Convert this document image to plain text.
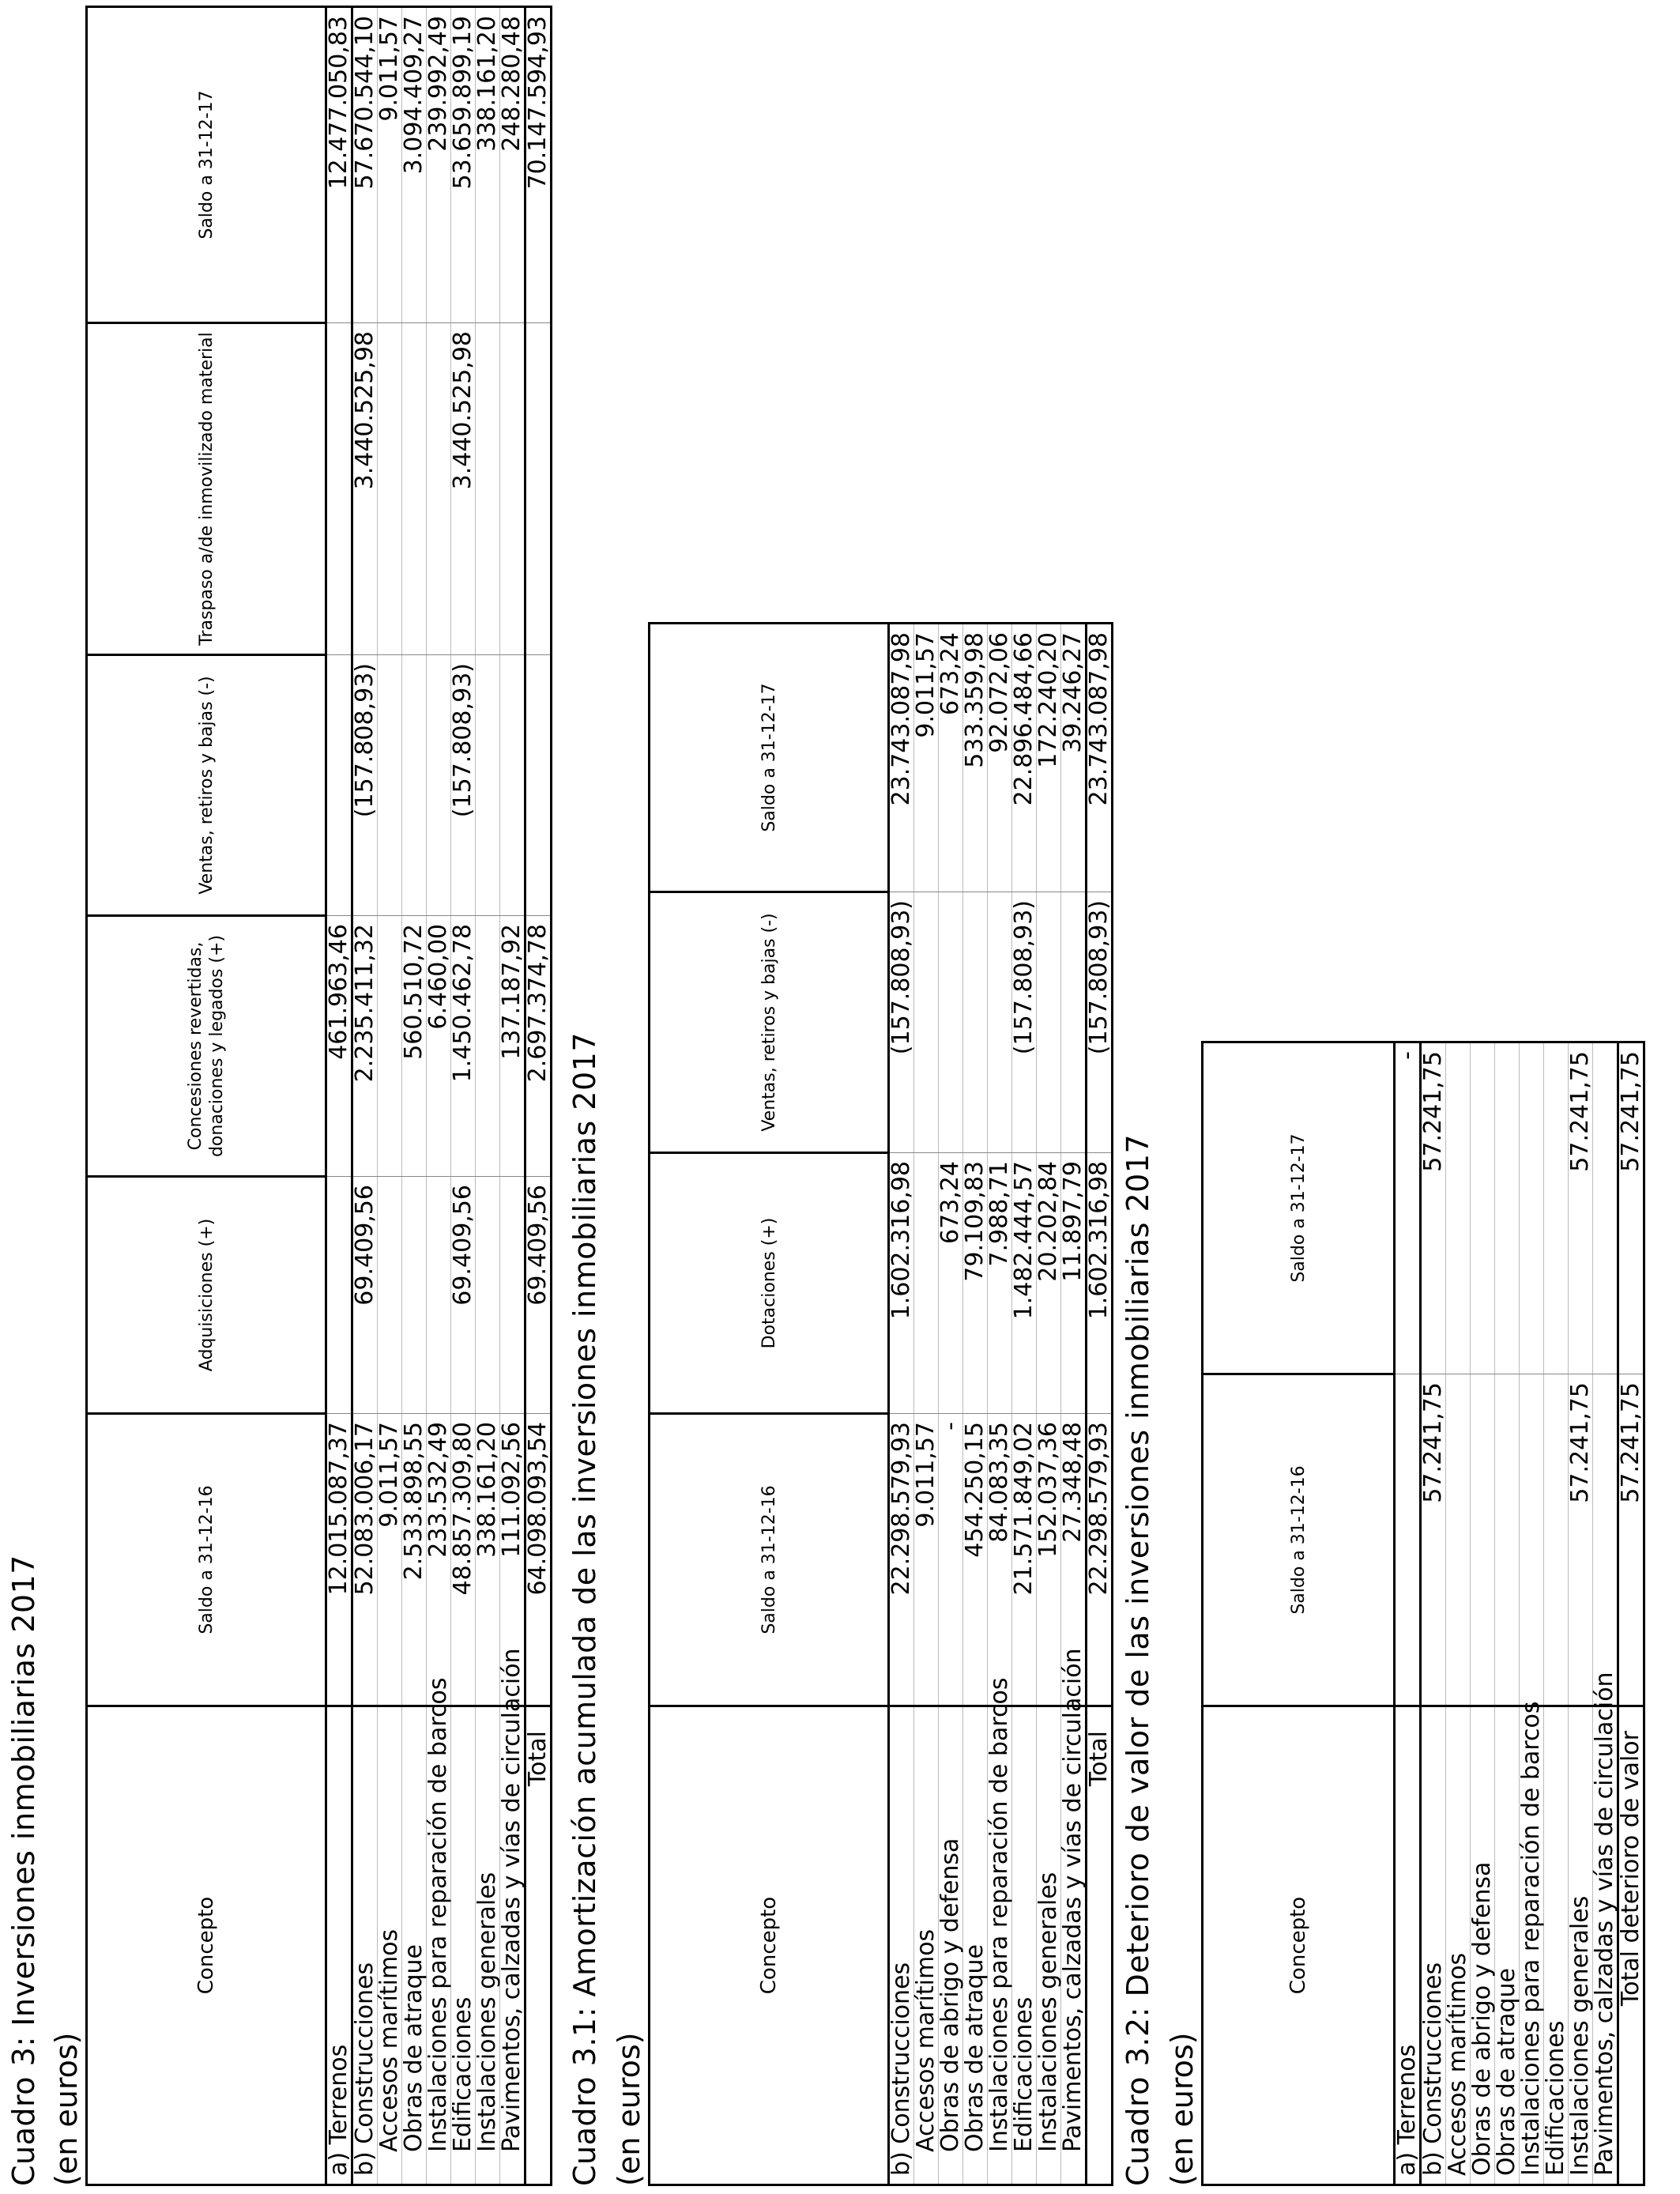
Cuadro 3: Inversiones inmobiliarias 2017 (en euros)
Concepto	Saldo a 31-12-16	Adquisiciones (+)	Concesiones revertidas, donaciones y legados (+)	Ventas, retiros y bajas (-)	Traspaso a/de inmovilizado material	Saldo a 31-12-17
a) Terrenos	12.015.087,37		461.963,46			12.477.050,83
b) Construcciones	52.083.006,17	69.409,56	2.235.411,32	(157.808,93)	3.440.525,98	57.670.544,10
Accesos marítimos	9.011,57					9.011,57
Obras de atraque	2.533.898,55		560.510,72			3.094.409,27
Instalaciones para reparación de barcos	233.532,49		6.460,00			239.992,49
Edificaciones	48.857.309,80	69.409,56	1.450.462,78	(157.808,93)	3.440.525,98	53.659.899,19
Instalaciones generales	338.161,20					338.161,20
Pavimentos, calzadas y vías de circulación	111.092,56		137.187,92			248.280,48
Total	64.098.093,54	69.409,56	2.697.374,78			70.147.594,93
Cuadro 3.1: Amortización acumulada de las inversiones inmobiliarias 2017 (en euros)
Concepto	Saldo a 31-12-16	Dotaciones (+)	Ventas, retiros y bajas (-)	Saldo a 31-12-17
b) Construcciones	22.298.579,93	1.602.316,98	(157.808,93)	23.743.087,98
Accesos marítimos	9.011,57			9.011,57
Obras de abrigo y defensa	-	673,24		673,24
Obras de atraque	454.250,15	79.109,83		533.359,98
Instalaciones para reparación de barcos	84.083,35	7.988,71		92.072,06
Edificaciones	21.571.849,02	1.482.444,57	(157.808,93)	22.896.484,66
Instalaciones generales	152.037,36	20.202,84		172.240,20
Pavimentos, calzadas y vías de circulación	27.348,48	11.897,79		39.246,27
Total	22.298.579,93	1.602.316,98	(157.808,93)	23.743.087,98
Cuadro 3.2: Deterioro de valor de las inversiones inmobiliarias 2017 (en euros)
Concepto	Saldo a 31-12-16	Saldo a 31-12-17
a) Terrenos		-
b) Construcciones	57.241,75	57.241,75
Accesos marítimos		
Obras de abrigo y defensa		
Obras de atraque		
Instalaciones para reparación de barcos		
Edificaciones		
Instalaciones generales	57.241,75	57.241,75
Pavimentos, calzadas y vías de circulación		
Total deterioro de valor	57.241,75	57.241,75
